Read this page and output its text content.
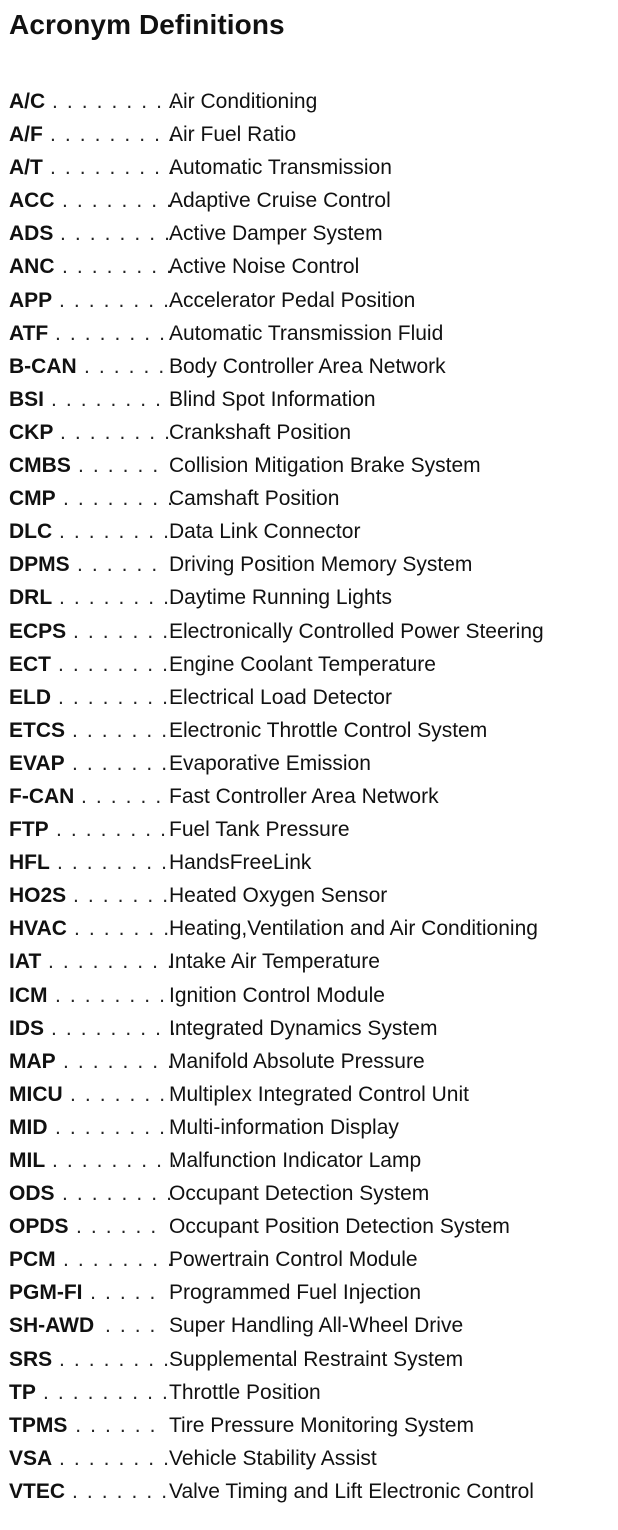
Acronym Definitions
A/C . . . . . . . . .
Air Conditioning
A/F . . . . . . . . .
Air Fuel Ratio
A/T . . . . . . . . .
Automatic Transmission
ACC . . . . . . . .
Adaptive Cruise Control
ADS . . . . . . . .
Active Damper System
ANC . . . . . . . .
Active Noise Control
APP . . . . . . . .
Accelerator Pedal Position
ATF . . . . . . . . Automatic Transmission Fluid
B-CAN . . . . . . Body Controller Area Network
BSI . . . . . . . . .
Blind Spot Information
CKP . . . . . . . .
Crankshaft Position
CMBS . . . . . . Collision Mitigation Brake System
CMP . . . . . . . .
Camshaft Position
DLC . . . . . . . .
Data Link Connector
DPMS . . . . . . Driving Position Memory System
DRL . . . . . . . .
Daytime Running Lights
ECPS . . . . . . . Electronically Controlled Power Steering
ECT . . . . . . . . Engine Coolant Temperature
ELD . . . . . . . . Electrical Load Detector
ETCS . . . . . . . Electronic Throttle Control System
EVAP . . . . . . . Evaporative Emission
F-CAN . . . . . . Fast Controller Area Network
FTP . . . . . . . . Fuel Tank Pressure
HFL . . . . . . . . HandsFreeLink
HO2S . . . . . . . Heated Oxygen Sensor
HVAC . . . . . . .
Heating,Ventilation and Air Conditioning
IAT . . . . . . . . .
Intake Air Temperature
ICM . . . . . . . . Ignition Control Module
IDS . . . . . . . . .
Integrated Dynamics System
MAP . . . . . . . .
Manifold Absolute Pressure
MICU . . . . . . . Multiplex Integrated Control Unit
MID . . . . . . . . Multi-information Display
MIL . . . . . . . . .
Malfunction Indicator Lamp
ODS . . . . . . . .
Occupant Detection System
OPDS . . . . . . Occupant Position Detection System
PCM . . . . . . . .
Powertrain Control Module
PGM-FI . . . . . Programmed Fuel Injection
SH-AWD . . . . Super Handling All-Wheel Drive
SRS . . . . . . . .
Supplemental Restraint System
TP . . . . . . . . . Throttle Position
TPMS . . . . . . Tire Pressure Monitoring System
VSA . . . . . . . .
Vehicle Stability Assist
VTEC . . . . . . . Valve Timing and Lift Electronic Control
